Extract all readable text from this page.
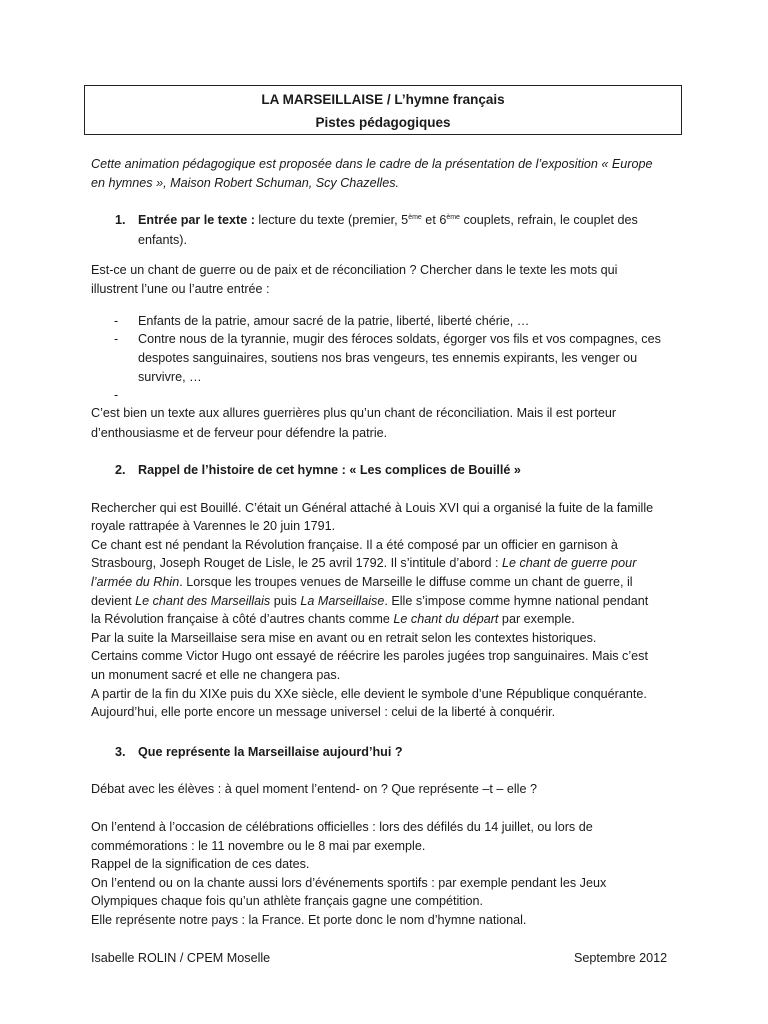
LA MARSEILLAISE / L’hymne français
Pistes pédagogiques
Cette animation pédagogique est proposée dans le cadre de la présentation de l’exposition « Europe
en hymnes », Maison Robert Schuman, Scy Chazelles.
1. Entrée par le texte : lecture du texte (premier, 5ème et 6ème couplets, refrain, le couplet des
enfants).
Est-ce un chant de guerre ou de paix et de réconciliation ? Chercher dans le texte les mots qui
illustrent l’une ou l’autre entrée :
- Enfants de la patrie, amour sacré de la patrie, liberté, liberté chérie, …
- Contre nous de la tyrannie, mugir des féroces soldats, égorger vos fils et vos compagnes, ces
despotes sanguinaires, soutiens nos bras vengeurs, tes ennemis expirants, les venger ou
survivre, …
-
C’est bien un texte aux allures guerrières plus qu’un chant de réconciliation. Mais il est porteur
d’enthousiasme et de ferveur pour défendre la patrie.
2. Rappel de l’histoire de cet hymne : « Les complices de Bouillé »
Rechercher qui est Bouillé. C’était un Général attaché à Louis XVI qui a organisé la fuite de la famille
royale rattrapée à Varennes le 20 juin 1791.
Ce chant est né pendant la Révolution française. Il a été composé par un officier en garnison à
Strasbourg, Joseph Rouget de Lisle, le 25 avril 1792. Il s’intitule d’abord : Le chant de guerre pour
l’armée du Rhin. Lorsque les troupes venues de Marseille le diffuse comme un chant de guerre, il
devient Le chant des Marseillais puis La Marseillaise. Elle s’impose comme hymne national pendant
la Révolution française à côté d’autres chants comme Le chant du départ par exemple.
Par la suite la Marseillaise sera mise en avant ou en retrait selon les contextes historiques.
Certains comme Victor Hugo ont essayé de réécrire les paroles jugées trop sanguinaires. Mais c’est
un monument sacré et elle ne changera pas.
A partir de la fin du XIXe puis du XXe siècle, elle devient le symbole d’une République conquérante.
Aujourd’hui, elle porte encore un message universel : celui de la liberté à conquérir.
3. Que représente la Marseillaise aujourd’hui ?
Débat avec les élèves : à quel moment l’entend- on ? Que représente –t – elle ?
On l’entend à l’occasion de célébrations officielles : lors des défilés du 14 juillet, ou lors de
commémorations : le 11 novembre ou le 8 mai par exemple.
Rappel de la signification de ces dates.
On l’entend ou on la chante aussi lors d’événements sportifs : par exemple pendant les Jeux
Olympiques chaque fois qu’un athlète français gagne une compétition.
Elle représente notre pays : la France. Et porte donc le nom d’hymne national.
Isabelle ROLIN / CPEM Moselle	Septembre 2012
